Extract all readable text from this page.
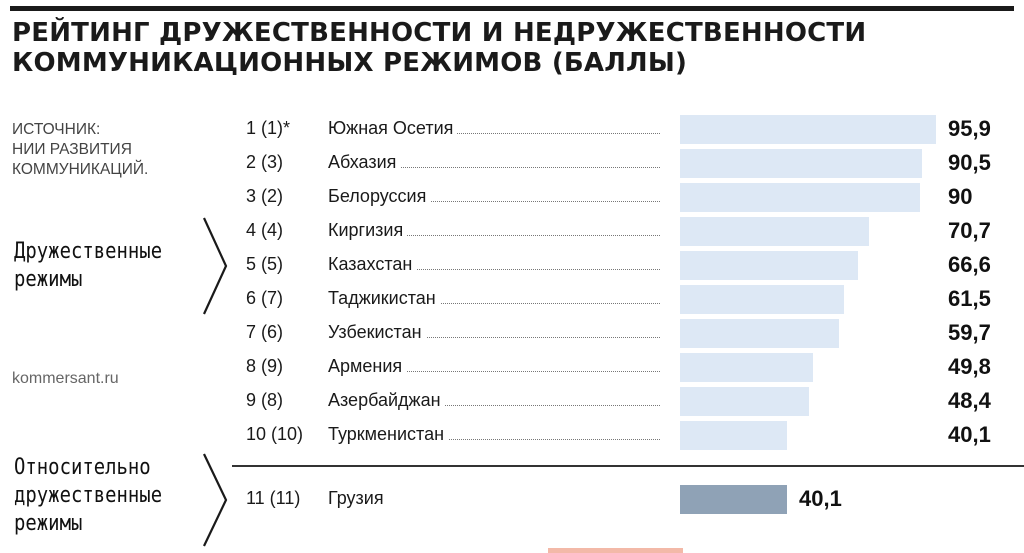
РЕЙТИНГ ДРУЖЕСТВЕННОСТИ И НЕДРУЖЕСТВЕННОСТИ
КОММУНИКАЦИОННЫХ РЕЖИМОВ (БАЛЛЫ)
ИСТОЧНИК:
НИИ РАЗВИТИЯ
КОММУНИКАЦИЙ.
Дружественные
режимы
kommersant.ru
Относительно
дружественные
режимы
1 (1)* Южная Осетия	95,9
2 (3) Абхазия	90,5
3 (2) Белоруссия	90
4 (4) Киргизия	70,7
5 (5) Казахстан	66,6
6 (7) Таджикистан	61,5
7 (6) Узбекистан	59,7
8 (9) Армения	49,8
9 (8) Азербайджан	48,4
10 (10) Туркменистан	40,1
11 (11) Грузия	40,1
